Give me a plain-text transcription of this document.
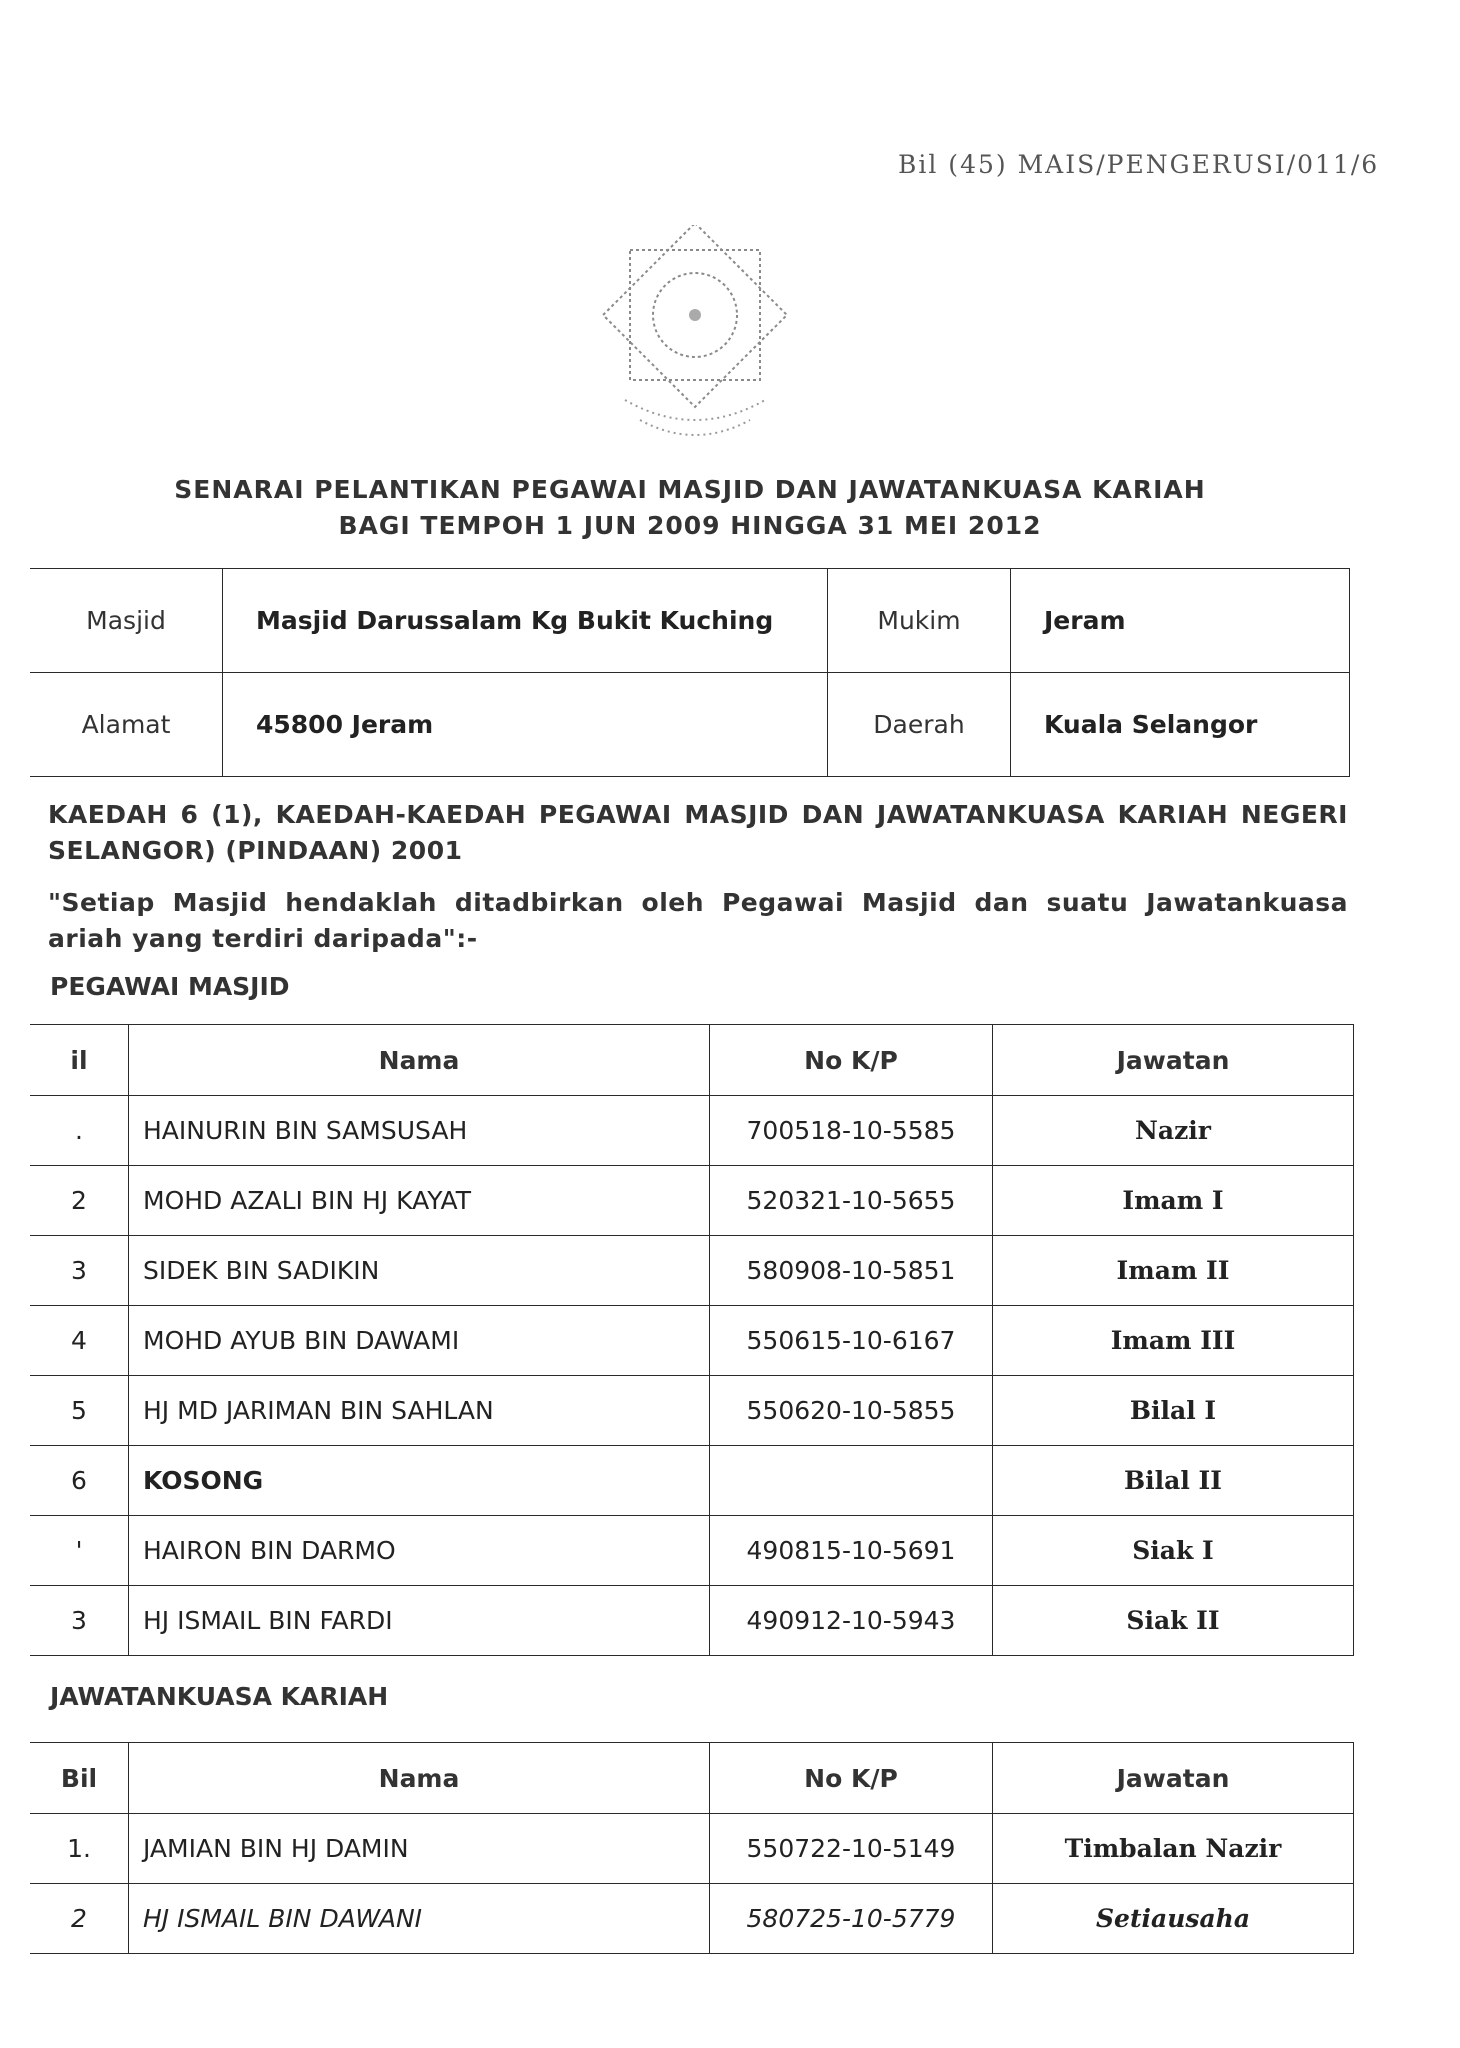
Bil (45) MAIS/PENGERUSI/011/6
SENARAI PELANTIKAN PEGAWAI MASJID DAN JAWATANKUASA KARIAH
BAGI TEMPOH 1 JUN 2009 HINGGA 31 MEI 2012
Masjid	Masjid Darussalam Kg Bukit Kuching	Mukim	Jeram
Alamat	45800 Jeram	Daerah	Kuala Selangor
KAEDAH 6 (1), KAEDAH-KAEDAH PEGAWAI MASJID DAN JAWATANKUASA KARIAH NEGERI SELANGOR) (PINDAAN) 2001
"Setiap Masjid hendaklah ditadbirkan oleh Pegawai Masjid dan suatu Jawatankuasa ariah yang terdiri daripada":-
PEGAWAI MASJID
il	Nama	No K/P	Jawatan
.	HAINURIN BIN SAMSUSAH	700518-10-5585	Nazir
2	MOHD AZALI BIN HJ KAYAT	520321-10-5655	Imam I
3	SIDEK BIN SADIKIN	580908-10-5851	Imam II
4	MOHD AYUB BIN DAWAMI	550615-10-6167	Imam III
5	HJ MD JARIMAN BIN SAHLAN	550620-10-5855	Bilal I
6	KOSONG		Bilal II
'	HAIRON BIN DARMO	490815-10-5691	Siak I
3	HJ ISMAIL BIN FARDI	490912-10-5943	Siak II
JAWATANKUASA KARIAH
Bil	Nama	No K/P	Jawatan
1.	JAMIAN BIN HJ DAMIN	550722-10-5149	Timbalan Nazir
2	HJ ISMAIL BIN DAWANI	580725-10-5779	Setiausaha
